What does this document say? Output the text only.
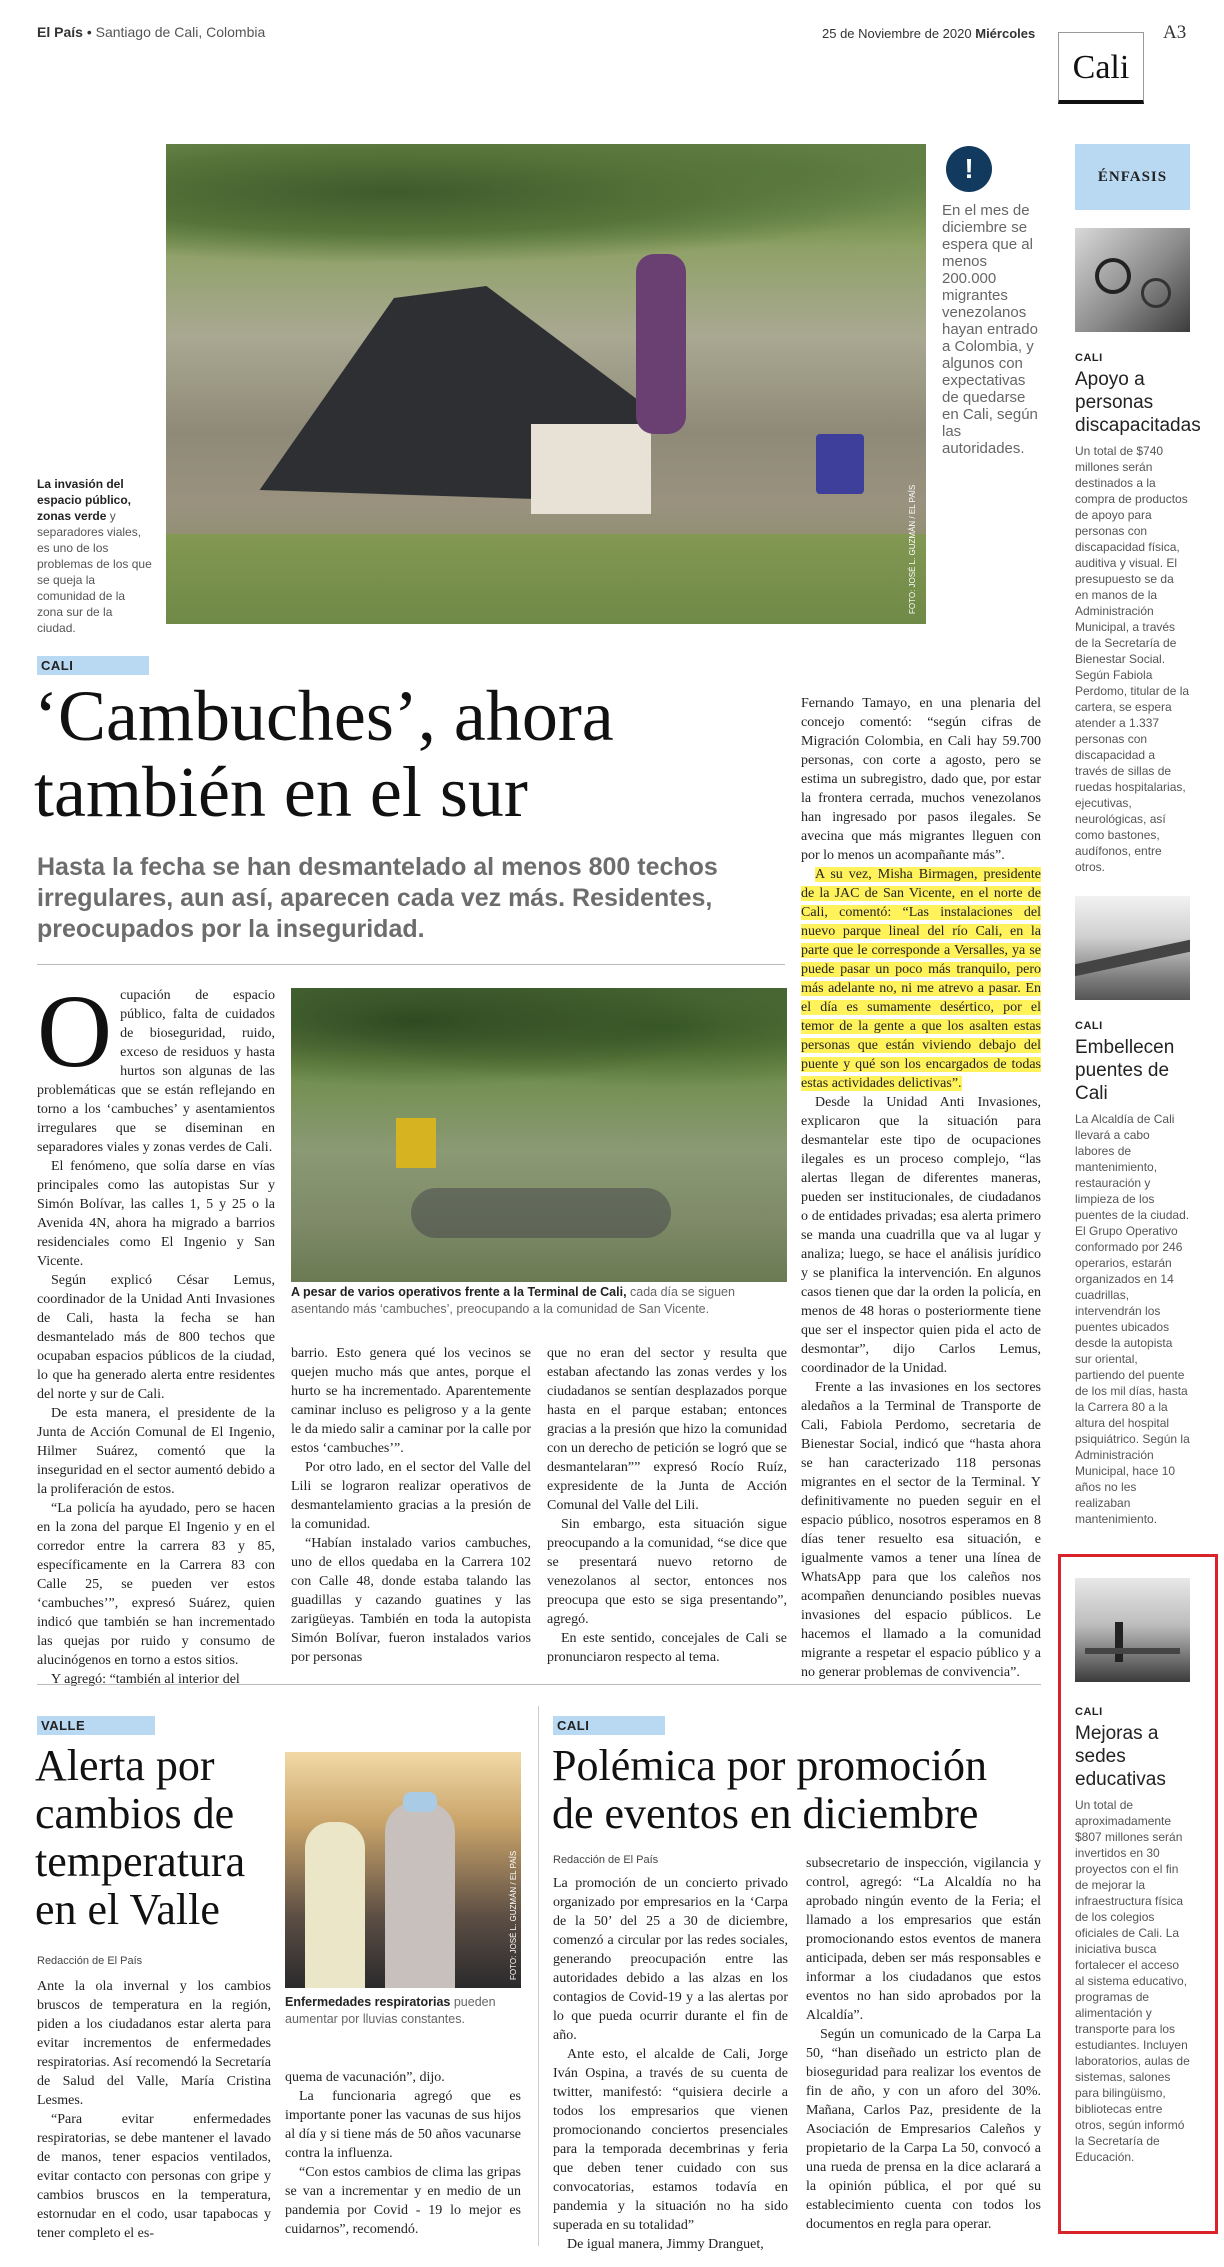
El País • Santiago de Cali, Colombia	25 de Noviembre de 2020 Miércoles	A3
Cali
FOTO: JOSÉ L. GUZMÁN / EL PAÍS
La invasión del espacio público, zonas verde y separadores viales, es uno de los problemas de los que se queja la comunidad de la zona sur de la ciudad.
!
En el mes de diciembre se espera que al menos 200.000 migrantes venezolanos hayan entrado a Colombia, y algunos con expectativas de quedarse en Cali, según las autoridades.
ÉNFASIS
CALI
Apoyo a personas discapacitadas
Un total de $740 millones serán destinados a la compra de productos de apoyo para personas con discapacidad física, auditiva y visual. El presupuesto se da en manos de la Administración Municipal, a través de la Secretaría de Bienestar Social. Según Fabiola Perdomo, titular de la cartera, se espera atender a 1.337 personas con discapacidad a través de sillas de ruedas hospitalarias, ejecutivas, neurológicas, así como bastones, audífonos, entre otros.
CALI
Embellecen puentes de Cali
La Alcaldía de Cali llevará a cabo labores de mantenimiento, restauración y limpieza de los puentes de la ciudad. El Grupo Operativo conformado por 246 operarios, estarán organizados en 14 cuadrillas, intervendrán los puentes ubicados desde la autopista sur oriental, partiendo del puente de los mil días, hasta la Carrera 80 a la altura del hospital psiquiátrico. Según la Administración Municipal, hace 10 años no les realizaban mantenimiento.
CALI
Mejoras a sedes educativas
Un total de aproximadamente $807 millones serán invertidos en 30 proyectos con el fin de mejorar la infraestructura física de los colegios oficiales de Cali. La iniciativa busca fortalecer el acceso al sistema educativo, programas de alimentación y transporte para los estudiantes. Incluyen laboratorios, aulas de sistemas, salones para bilingüismo, bibliotecas entre otros, según informó la Secretaría de Educación.
CALI
‘Cambuches’, ahora
también en el sur
Hasta la fecha se han desmantelado al menos 800 techos irregulares, aun así, aparecen cada vez más. Residentes, preocupados por la inseguridad.
O cupación de espacio público, falta de cuidados de bioseguridad, ruido, exceso de residuos y hasta hurtos son algunas de las problemáticas que se están reflejando en torno a los ‘cambuches’ y asentamientos irregulares que se diseminan en separadores viales y zonas verdes de Cali.

El fenómeno, que solía darse en vías principales como las autopistas Sur y Simón Bolívar, las calles 1, 5 y 25 o la Avenida 4N, ahora ha migrado a barrios residenciales como El Ingenio y San Vicente.

Según explicó César Lemus, coordinador de la Unidad Anti Invasiones de Cali, hasta la fecha se han desmantelado más de 800 techos que ocupaban espacios públicos de la ciudad, lo que ha generado alerta entre residentes del norte y sur de Cali.

De esta manera, el presidente de la Junta de Acción Comunal de El Ingenio, Hilmer Suárez, comentó que la inseguridad en el sector aumentó debido a la proliferación de estos.

“La policía ha ayudado, pero se hacen en la zona del parque El Ingenio y en el corredor entre la carrera 83 y 85, específicamente en la Carrera 83 con Calle 25, se pueden ver estos ‘cambuches’”, expresó Suárez, quien indicó que también se han incrementado las quejas por ruido y consumo de alucinógenos en torno a estos sitios.

Y agregó: “también al interior del

A pesar de varios operativos frente a la Terminal de Cali, cada día se siguen asentando más ‘cambuches’, preocupando a la comunidad de San Vicente.

barrio. Esto genera qué los vecinos se quejen mucho más que antes, porque el hurto se ha incrementado. Aparentemente caminar incluso es peligroso y a la gente le da miedo salir a caminar por la calle por estos ‘cambuches’”.

Por otro lado, en el sector del Valle del Lili se lograron realizar operativos de desmantelamiento gracias a la presión de la comunidad.

“Habían instalado varios cambuches, uno de ellos quedaba en la Carrera 102 con Calle 48, donde estaba talando las guadillas y cazando guatines y las zarigüeyas. También en toda la autopista Simón Bolívar, fueron instalados varios por personas

que no eran del sector y resulta que estaban afectando las zonas verdes y los ciudadanos se sentían desplazados porque hasta en el parque estaban; entonces gracias a la presión que hizo la comunidad con un derecho de petición se logró que se desmantelaran”” expresó Rocío Ruíz, expresidente de la Junta de Acción Comunal del Valle del Lili.

Sin embargo, esta situación sigue preocupando a la comunidad, “se dice que se presentará nuevo retorno de venezolanos al sector, entonces nos preocupa que esto se siga presentando”, agregó.

En este sentido, concejales de Cali se pronunciaron respecto al tema.

Fernando Tamayo, en una plenaria del concejo comentó: “según cifras de Migración Colombia, en Cali hay 59.700 personas, con corte a agosto, pero se estima un subregistro, dado que, por estar la frontera cerrada, muchos venezolanos han ingresado por pasos ilegales. Se avecina que más migrantes lleguen con por lo menos un acompañante más”.

A su vez, Misha Birmagen, presidente de la JAC de San Vicente, en el norte de Cali, comentó: “Las instalaciones del nuevo parque lineal del río Cali, en la parte que le corresponde a Versalles, ya se puede pasar un poco más tranquilo, pero más adelante no, ni me atrevo a pasar. En el día es sumamente desértico, por el temor de la gente a que los asalten estas personas que están viviendo debajo del puente y qué son los encargados de todas estas actividades delictivas”.

Desde la Unidad Anti Invasiones, explicaron que la situación para desmantelar este tipo de ocupaciones ilegales es un proceso complejo, “las alertas llegan de diferentes maneras, pueden ser institucionales, de ciudadanos o de entidades privadas; esa alerta primero se manda una cuadrilla que va al lugar y analiza; luego, se hace el análisis jurídico y se planifica la intervención. En algunos casos tienen que dar la orden la policía, en menos de 48 horas o posteriormente tiene que ser el inspector quien pida el acto de desmontar”, dijo Carlos Lemus, coordinador de la Unidad.

Frente a las invasiones en los sectores aledaños a la Terminal de Transporte de Cali, Fabiola Perdomo, secretaria de Bienestar Social, indicó que “hasta ahora se han caracterizado 118 personas migrantes en el sector de la Terminal. Y definitivamente no pueden seguir en el espacio público, nosotros esperamos en 8 días tener resuelto esa situación, e igualmente vamos a tener una línea de WhatsApp para que los caleños nos acompañen denunciando posibles nuevas invasiones del espacio públicos. Le hacemos el llamado a la comunidad migrante a respetar el espacio público y a no generar problemas de convivencia”.

VALLE
Alerta por
cambios de
temperatura
en el Valle
Redacción de El País

Ante la ola invernal y los cambios bruscos de temperatura en la región, piden a los ciudadanos estar alerta para evitar incrementos de enfermedades respiratorias. Así recomendó la Secretaría de Salud del Valle, María Cristina Lesmes.

“Para evitar enfermedades respiratorias, se debe mantener el lavado de manos, tener espacios ventilados, evitar contacto con personas con gripe y cambios bruscos en la temperatura, estornudar en el codo, usar tapabocas y tener completo el es-

FOTO: JOSÉ L. GUZMÁN / EL PAÍS
Enfermedades respiratorias pueden aumentar por lluvias constantes.

quema de vacunación”, dijo.

La funcionaria agregó que es importante poner las vacunas de sus hijos al día y si tiene más de 50 años vacunarse contra la influenza.

“Con estos cambios de clima las gripas se van a incrementar y en medio de un pandemia por Covid - 19 lo mejor es cuidarnos”, recomendó.

CALI
Polémica por promoción
de eventos en diciembre
Redacción de El País

La promoción de un concierto privado organizado por empresarios en la ‘Carpa de la 50’ del 25 a 30 de diciembre, comenzó a circular por las redes sociales, generando preocupación entre las autoridades debido a las alzas en los contagios de Covid-19 y a las alertas por lo que pueda ocurrir durante el fin de año.

Ante esto, el alcalde de Cali, Jorge Iván Ospina, a través de su cuenta de twitter, manifestó: “quisiera decirle a todos los empresarios que vienen promocionando conciertos presenciales para la temporada decembrinas y feria que deben tener cuidado con sus convocatorias, estamos todavía en pandemia y la situación no ha sido superada en su totalidad”

De igual manera, Jimmy Dranguet,

subsecretario de inspección, vigilancia y control, agregó: “La Alcaldía no ha aprobado ningún evento de la Feria; el llamado a los empresarios que están promocionando estos eventos de manera anticipada, deben ser más responsables e informar a los ciudadanos que estos eventos no han sido aprobados por la Alcaldía”.

Según un comunicado de la Carpa La 50, “han diseñado un estricto plan de bioseguridad para realizar los eventos de fin de año, y con un aforo del 30%. Mañana, Carlos Paz, presidente de la Asociación de Empresarios Caleños y propietario de la Carpa La 50, convocó a una rueda de prensa en la dice aclarará a la opinión pública, el por qué su establecimiento cuenta con todos los documentos en regla para operar.
